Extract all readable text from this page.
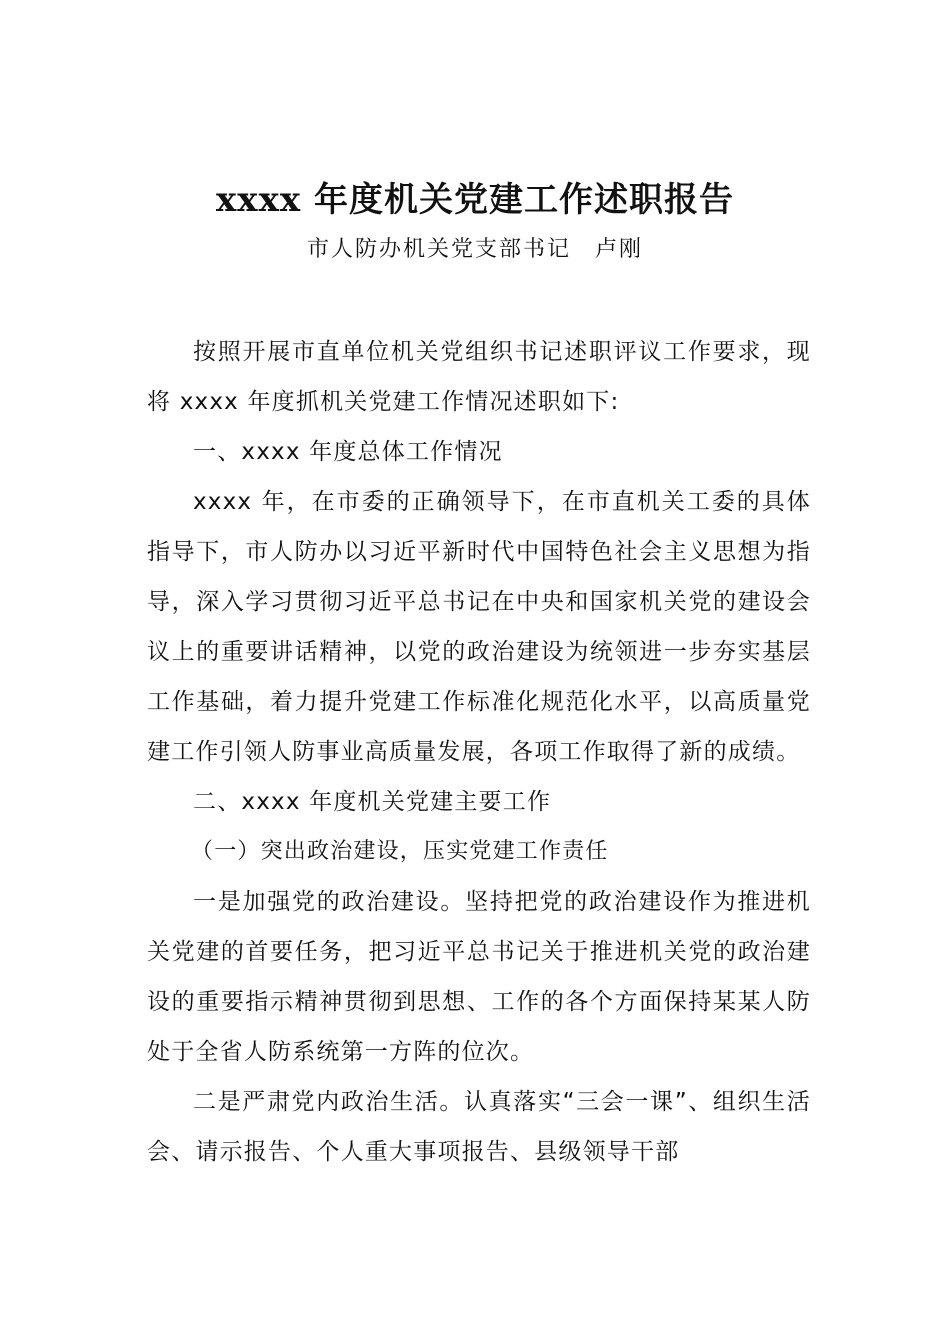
xxxx 年度机关党建工作述职报告
市人防办机关党支部书记　卢刚

按照开展市直单位机关党组织书记述职评议工作要求，现将 xxxx 年度抓机关党建工作情况述职如下:

一、xxxx 年度总体工作情况

xxxx 年，在市委的正确领导下，在市直机关工委的具体指导下，市人防办以习近平新时代中国特色社会主义思想为指导，深入学习贯彻习近平总书记在中央和国家机关党的建设会议上的重要讲话精神，以党的政治建设为统领进一步夯实基层工作基础，着力提升党建工作标准化规范化水平，以高质量党建工作引领人防事业高质量发展，各项工作取得了新的成绩。

二、xxxx 年度机关党建主要工作
（一）突出政治建设，压实党建工作责任

一是加强党的政治建设。坚持把党的政治建设作为推进机关党建的首要任务，把习近平总书记关于推进机关党的政治建设的重要指示精神贯彻到思想、工作的各个方面保持某某人防处于全省人防系统第一方阵的位次。

二是严肃党内政治生活。认真落实“三会一课”、组织生活会、请示报告、个人重大事项报告、县级领导干部
